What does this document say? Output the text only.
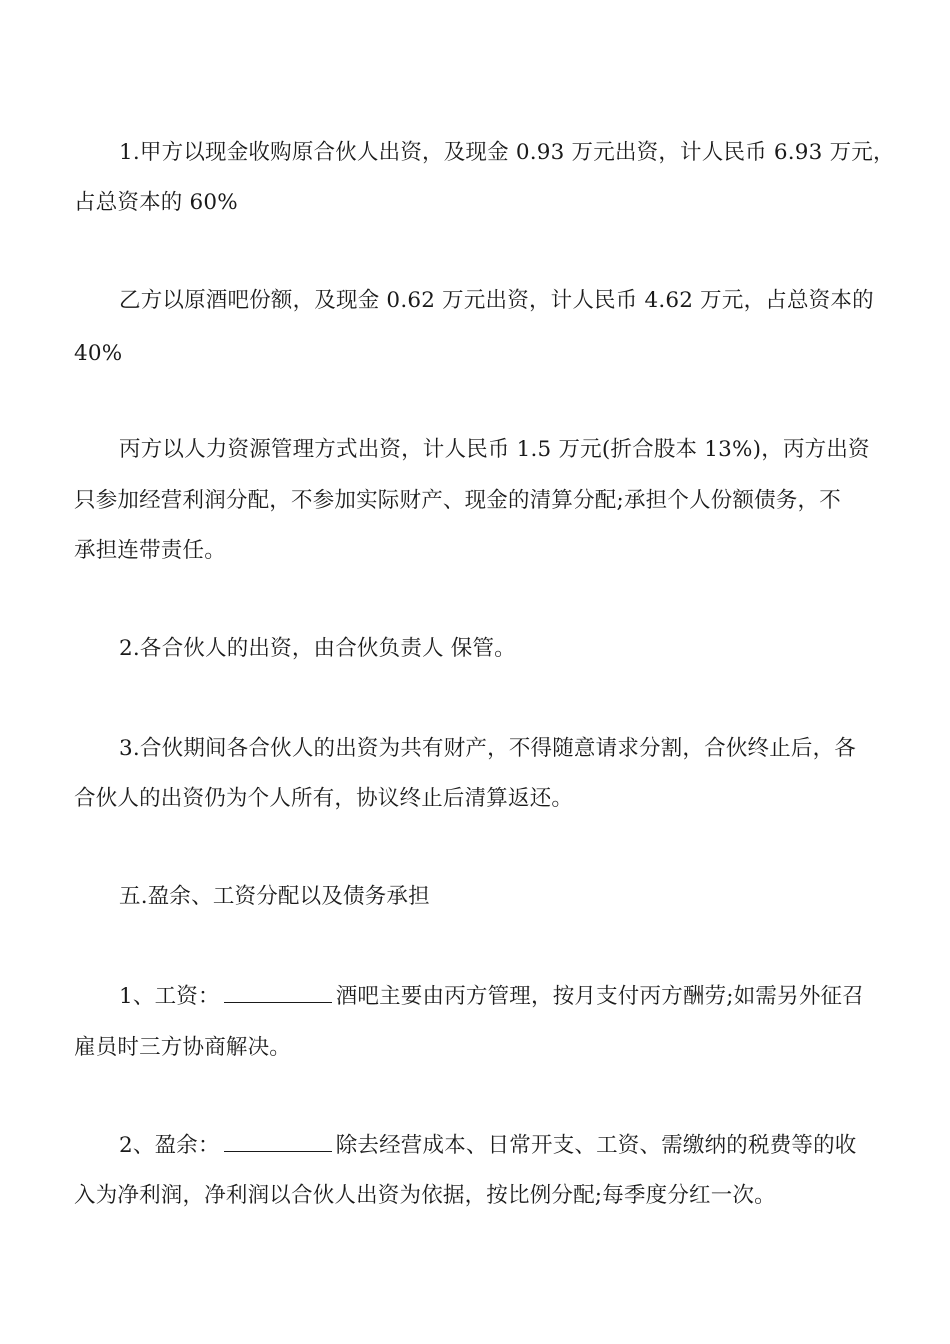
1.甲方以现金收购原合伙人出资，及现金 0.93 万元出资，计人民币 6.93 万元，
占总资本的 60%
乙方以原酒吧份额，及现金 0.62 万元出资，计人民币 4.62 万元，占总资本的
40%
丙方以人力资源管理方式出资，计人民币 1.5 万元(折合股本 13%)，丙方出资
只参加经营利润分配，不参加实际财产、现金的清算分配;承担个人份额债务，不
承担连带责任。
2.各合伙人的出资，由合伙负责人 保管。
3.合伙期间各合伙人的出资为共有财产，不得随意请求分割，合伙终止后，各
合伙人的出资仍为个人所有，协议终止后清算返还。
五.盈余、工资分配以及债务承担
1、工资：	酒吧主要由丙方管理，按月支付丙方酬劳;如需另外征召
雇员时三方协商解决。
2、盈余：	除去经营成本、日常开支、工资、需缴纳的税费等的收
入为净利润，净利润以合伙人出资为依据，按比例分配;每季度分红一次。
